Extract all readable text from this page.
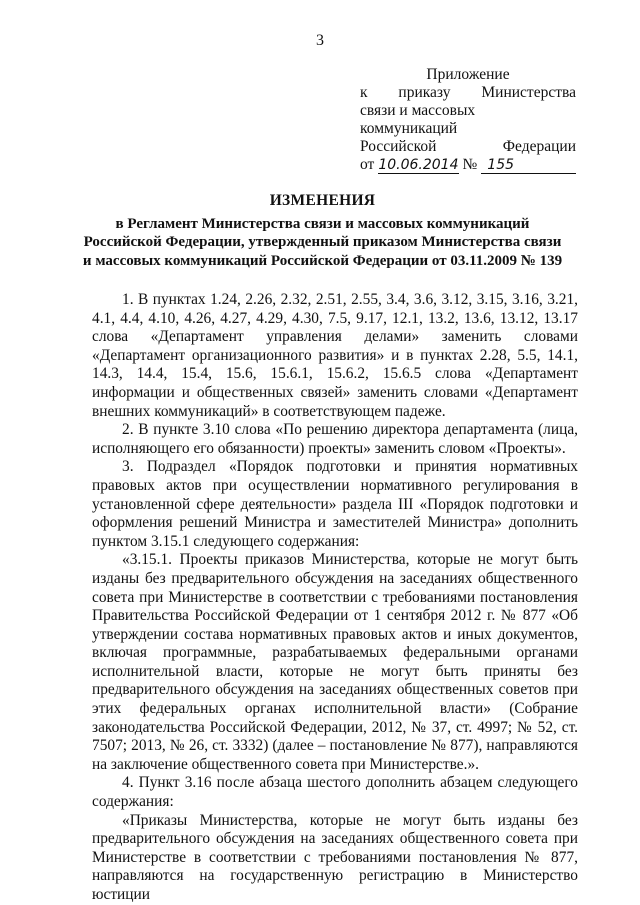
3
Приложение
к приказу Министерства
связи и массовых коммуникаций
Российской	Федерации
от 10.06.2014 № 155
ИЗМЕНЕНИЯ
в Регламент Министерства связи и массовых коммуникаций
Российской Федерации, утвержденный приказом Министерства связи
и массовых коммуникаций Российской Федерации от 03.11.2009 № 139

1. В пунктах 1.24, 2.26, 2.32, 2.51, 2.55, 3.4, 3.6, 3.12, 3.15, 3.16, 3.21, 4.1, 4.4, 4.10, 4.26, 4.27, 4.29, 4.30, 7.5, 9.17, 12.1, 13.2, 13.6, 13.12, 13.17 слова «Департамент управления делами» заменить словами «Департамент организационного развития» и в пунктах 2.28, 5.5, 14.1, 14.3, 14.4, 15.4, 15.6, 15.6.1, 15.6.2, 15.6.5 слова «Департамент информации и общественных связей» заменить словами «Департамент внешних коммуникаций» в соответствующем падеже.

2. В пункте 3.10 слова «По решению директора департамента (лица, исполняющего его обязанности) проекты» заменить словом «Проекты».

3. Подраздел «Порядок подготовки и принятия нормативных правовых актов при осуществлении нормативного регулирования в установленной сфере деятельности» раздела III «Порядок подготовки и оформления решений Министра и заместителей Министра» дополнить пунктом 3.15.1 следующего содержания:

«3.15.1. Проекты приказов Министерства, которые не могут быть изданы без предварительного обсуждения на заседаниях общественного совета при Министерстве в соответствии с требованиями постановления Правительства Российской Федерации от 1 сентября 2012 г. № 877 «Об утверждении состава нормативных правовых актов и иных документов, включая программные, разрабатываемых федеральными органами исполнительной власти, которые не могут быть приняты без предварительного обсуждения на заседаниях общественных советов при этих федеральных органах исполнительной власти» (Собрание законодательства Российской Федерации, 2012, № 37, ст. 4997; № 52, ст. 7507; 2013, № 26, ст. 3332) (далее – постановление № 877), направляются на заключение общественного совета при Министерстве.».

4. Пункт 3.16 после абзаца шестого дополнить абзацем следующего содержания:

«Приказы Министерства, которые не могут быть изданы без предварительного обсуждения на заседаниях общественного совета при Министерстве в соответствии с требованиями постановления № 877, направляются на государственную регистрацию в Министерство юстиции
